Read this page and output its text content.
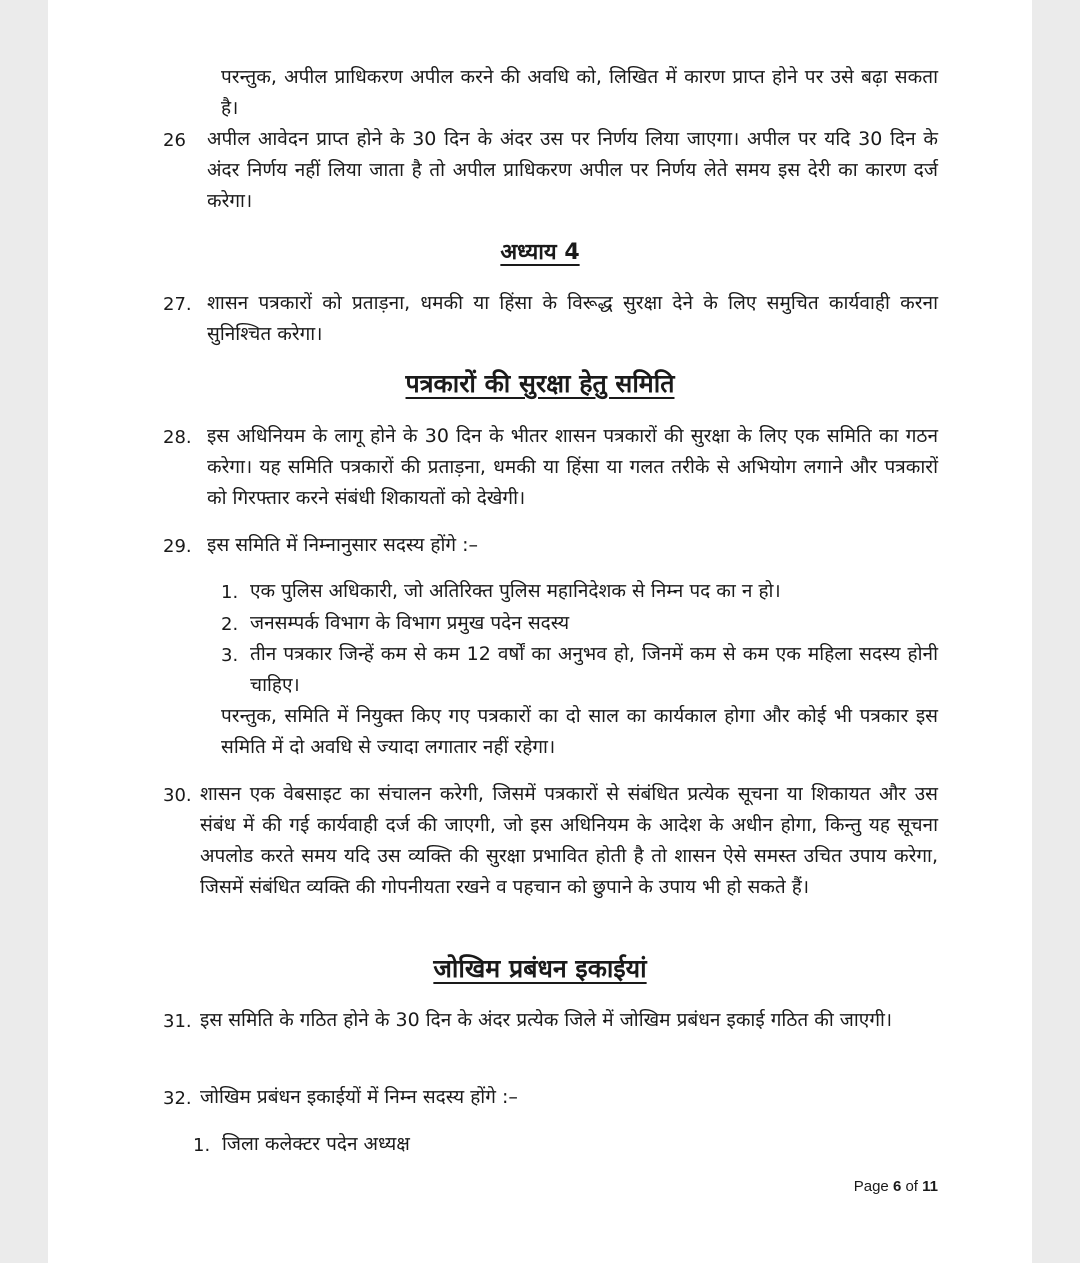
परन्तुक, अपील प्राधिकरण अपील करने की अवधि को, लिखित में कारण प्राप्त होने पर उसे बढ़ा सकता है।

26 अपील आवेदन प्राप्त होने के 30 दिन के अंदर उस पर निर्णय लिया जाएगा। अपील पर यदि 30 दिन के अंदर निर्णय नहीं लिया जाता है तो अपील प्राधिकरण अपील पर निर्णय लेते समय इस देरी का कारण दर्ज करेगा।

अध्याय 4
27. शासन पत्रकारों को प्रताड़ना, धमकी या हिंसा के विरूद्ध सुरक्षा देने के लिए समुचित कार्यवाही करना सुनिश्चित करेगा।

पत्रकारों की सुरक्षा हेतु समिति
28. इस अधिनियम के लागू होने के 30 दिन के भीतर शासन पत्रकारों की सुरक्षा के लिए एक समिति का गठन करेगा। यह समिति पत्रकारों की प्रताड़ना, धमकी या हिंसा या गलत तरीके से अभियोग लगाने और पत्रकारों को गिरफ्तार करने संबंधी शिकायतों को देखेगी।

29. इस समिति में निम्नानुसार सदस्य होंगे :–

1. एक पुलिस अधिकारी, जो अतिरिक्त पुलिस महानिदेशक से निम्न पद का न हो।

2. जनसम्पर्क विभाग के विभाग प्रमुख पदेन सदस्य

3. तीन पत्रकार जिन्हें कम से कम 12 वर्षों का अनुभव हो, जिनमें कम से कम एक महिला सदस्य होनी चाहिए।

परन्तुक, समिति में नियुक्त किए गए पत्रकारों का दो साल का कार्यकाल होगा और कोई भी पत्रकार इस समिति में दो अवधि से ज्यादा लगातार नहीं रहेगा।

30. शासन एक वेबसाइट का संचालन करेगी, जिसमें पत्रकारों से संबंधित प्रत्येक सूचना या शिकायत और उस संबंध में की गई कार्यवाही दर्ज की जाएगी, जो इस अधिनियम के आदेश के अधीन होगा, किन्तु यह सूचना अपलोड करते समय यदि उस व्यक्ति की सुरक्षा प्रभावित होती है तो शासन ऐसे समस्त उचित उपाय करेगा, जिसमें संबंधित व्यक्ति की गोपनीयता रखने व पहचान को छुपाने के उपाय भी हो सकते हैं।

जोखिम प्रबंधन इकाईयां
31. इस समिति के गठित होने के 30 दिन के अंदर प्रत्येक जिले में जोखिम प्रबंधन इकाई गठित की जाएगी।

32. जोखिम प्रबंधन इकाईयों में निम्न सदस्य होंगे :–

1. जिला कलेक्टर पदेन अध्यक्ष

Page 6 of 11
